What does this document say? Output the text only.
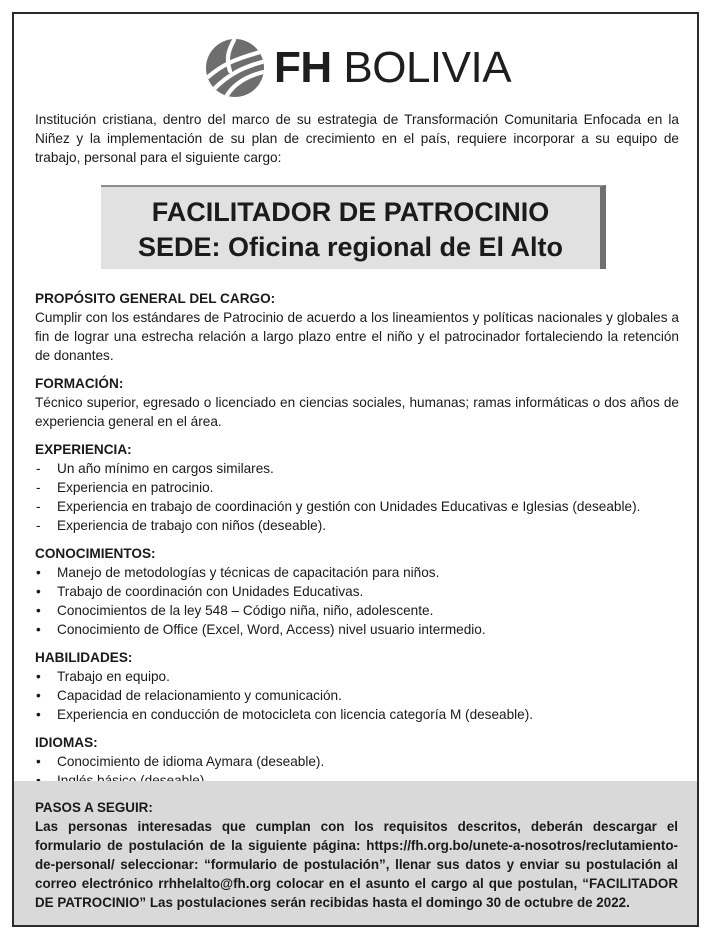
FH BOLIVIA

Institución cristiana, dentro del marco de su estrategia de Transformación Comunitaria Enfocada en la Niñez y la implementación de su plan de crecimiento en el país, requiere incorporar a su equipo de trabajo, personal para el siguiente cargo:

FACILITADOR DE PATROCINIO
SEDE: Oficina regional de El Alto
PROPÓSITO GENERAL DEL CARGO:
Cumplir con los estándares de Patrocinio de acuerdo a los lineamientos y políticas nacionales y globales a fin de lograr una estrecha relación a largo plazo entre el niño y el patrocinador fortaleciendo la retención de donantes.
FORMACIÓN:
Técnico superior, egresado o licenciado en ciencias sociales, humanas; ramas informáticas o dos años de experiencia general en el área.
EXPERIENCIA:
- Un año mínimo en cargos similares.
- Experiencia en patrocinio.
- Experiencia en trabajo de coordinación y gestión con Unidades Educativas e Iglesias (deseable).
- Experiencia de trabajo con niños (deseable).
CONOCIMIENTOS:
• Manejo de metodologías y técnicas de capacitación para niños.
• Trabajo de coordinación con Unidades Educativas.
• Conocimientos de la ley 548 – Código niña, niño, adolescente.
• Conocimiento de Office (Excel, Word, Access) nivel usuario intermedio.
HABILIDADES:
• Trabajo en equipo.
• Capacidad de relacionamiento y comunicación.
• Experiencia en conducción de motocicleta con licencia categoría M (deseable).
IDIOMAS:
• Conocimiento de idioma Aymara (deseable).
PASOS A SEGUIR:
Las personas interesadas que cumplan con los requisitos descritos, deberán descargar el formulario de postulación de la siguiente página: https://fh.org.bo/unete-a-nosotros/reclutamiento-de-personal/ seleccionar: “formulario de postulación”, llenar sus datos y enviar su postulación al correo electrónico rrhhelalto@fh.org colocar en el asunto el cargo al que postulan, “FACILITADOR DE PATROCINIO” Las postulaciones serán recibidas hasta el domingo 30 de octubre de 2022.
